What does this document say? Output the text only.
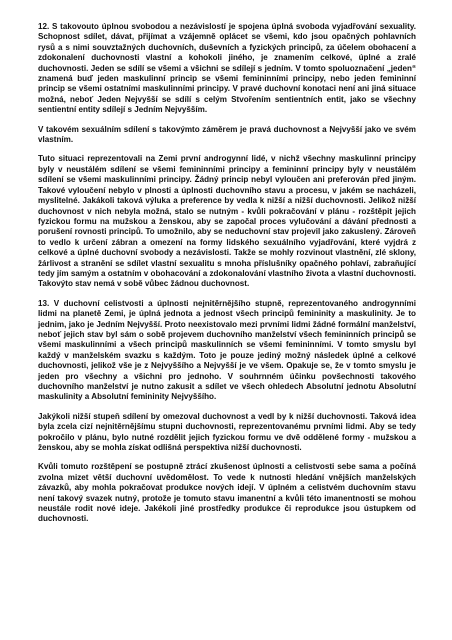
12. S takovouto úplnou svobodou a nezávislostí je spojena úplná svoboda vyjadřování sexuality. Schopnost sdílet, dávat, přijímat a vzájemně oplácet se všemi, kdo jsou opačných pohlavních rysů a s nimi souvztažných duchovních, duševních a fyzických principů, za účelem obohacení a zdokonalení duchovnosti vlastní a kohokoli jiného, je znamením celkové, úplné a zralé duchovnosti. Jeden se sdílí se všemi a všichni se sdílejí s jedním. V tomto spoluoznačení „jeden“ znamená buď jeden maskulinní princip se všemi femininními principy, nebo jeden femininní princip se všemi ostatními maskulinními principy. V pravé duchovní konotaci není ani jiná situace možná, neboť Jeden Nejvyšší se sdílí s celým Stvořením sentientních entit, jako se všechny sentientní entity sdílejí s Jedním Nejvyšším.

V takovém sexuálním sdílení s takovýmto záměrem je pravá duchovnost a Nejvyšší jako ve svém vlastním.

Tuto situaci reprezentovali na Zemi první androgynní lidé, v nichž všechny maskulinní principy byly v neustálém sdílení se všemi femininními principy a femininní principy byly v neustálém sdílení se všemi maskulinními principy. Žádný princip nebyl vyloučen ani preferován před jiným. Takové vyloučení nebylo v plnosti a úplnosti duchovního stavu a procesu, v jakém se nacházeli, myslitelné. Jakákoli taková výluka a preference by vedla k nižší a nižší duchovnosti. Jelikož nižší duchovnost v nich nebyla možná, stalo se nutným - kvůli pokračování v plánu - rozštěpit jejich fyzickou formu na mužskou a ženskou, aby se započal proces vylučování a dávání přednosti a porušení rovnosti principů. To umožnilo, aby se neduchovní stav projevil jako zakuslený. Zároveň to vedlo k určení zábran a omezení na formy lidského sexuálního vyjadřování, které vyjdrá z celkové a úplné duchovní svobody a nezávislosti. Takže se mohly rozvinout vlastnění, zlé sklony, žárlivost a stranění se sdílet vlastní sexualitu s mnoha příslušníky opačného pohlaví, zabraňující tedy jím samým a ostatním v obohacování a zdokonalování vlastního života a vlastní duchovnosti. Takovýto stav nemá v sobě vůbec žádnou duchovnost.

13. V duchovní celistvosti a úplnosti nejnitěrnějšího stupně, reprezentovaného androgynními lidmi na planetě Zemi, je úplná jednota a jednost všech principů femininity a maskulinity. Je to jednim, jako je Jedním Nejvyšší. Proto neexistovalo mezi prvními lidmi žádné formální manželství, neboť jejich stav byl sám o sobě projevem duchovního manželství všech femininních principů se všemi maskulinními a všech principů maskulinních se všemi femininními. V tomto smyslu byl každý v manželském svazku s každým. Toto je pouze jediný možný následek úplné a celkové duchovnosti, jelikož vše je z Nejvyššího a Nejvyšší je ve všem. Opakuje se, že v tomto smyslu je jeden pro všechny a všichni pro jednoho. V souhrnném účinku povšechnosti takového duchovního manželství je nutno zakusit a sdílet ve všech ohledech Absolutní jednotu Absolutní maskulinity a Absolutní femininity Nejvyššího.

Jakýkoli nižší stupeň sdílení by omezoval duchovnost a vedl by k nižší duchovnosti. Taková idea byla zcela cizí nejnitěrnějšímu stupni duchovnosti, reprezentovanému prvními lidmi. Aby se tedy pokročilo v plánu, bylo nutné rozdělit jejich fyzickou formu ve dvě oddělené formy - mužskou a ženskou, aby se mohla získat odlišná perspektiva nižší duchovnosti.

Kvůli tomuto rozštěpení se postupně ztrácí zkušenost úplnosti a celistvosti sebe sama a počíná zvolna mizet větší duchovní uvědomělost. To vede k nutnosti hledání vnějších manželských závazků, aby mohla pokračovat produkce nových idejí. V úplném a celistvém duchovním stavu není takový svazek nutný, protože je tomuto stavu imanentní a kvůli této imanentnosti se mohou neustále rodit nové ideje. Jakékoli jiné prostředky produkce či reprodukce jsou ústupkem od duchovnosti.
